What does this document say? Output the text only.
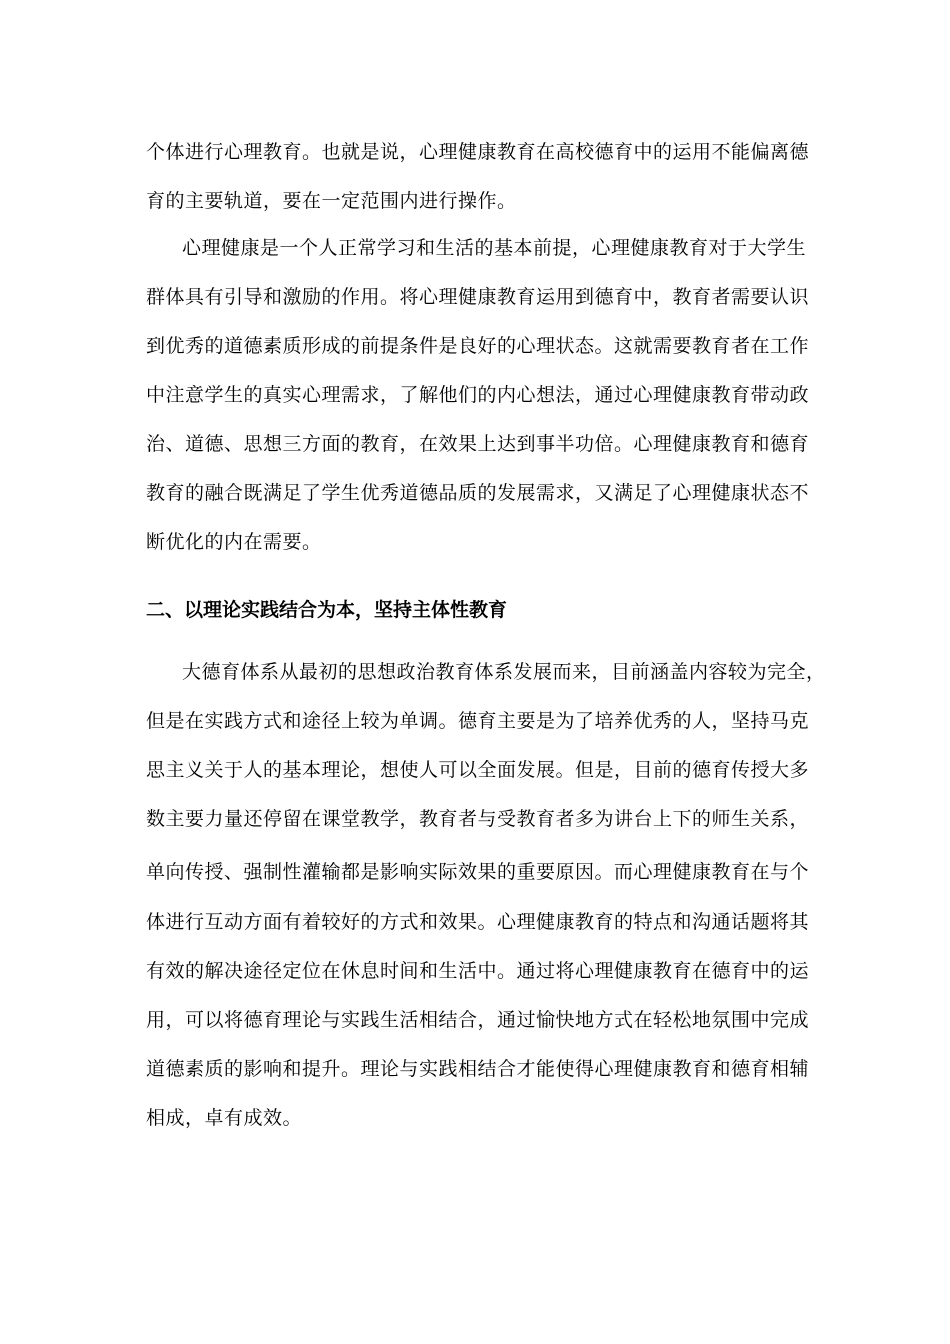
个体进行心理教育。也就是说，心理健康教育在高校德育中的运用不能偏离德
育的主要轨道，要在一定范围内进行操作。
心理健康是一个人正常学习和生活的基本前提，心理健康教育对于大学生
群体具有引导和激励的作用。将心理健康教育运用到德育中，教育者需要认识
到优秀的道德素质形成的前提条件是良好的心理状态。这就需要教育者在工作
中注意学生的真实心理需求，了解他们的内心想法，通过心理健康教育带动政
治、道德、思想三方面的教育，在效果上达到事半功倍。心理健康教育和德育
教育的融合既满足了学生优秀道德品质的发展需求，又满足了心理健康状态不
断优化的内在需要。
二、以理论实践结合为本，坚持主体性教育
大德育体系从最初的思想政治教育体系发展而来，目前涵盖内容较为完全，
但是在实践方式和途径上较为单调。德育主要是为了培养优秀的人，坚持马克
思主义关于人的基本理论，想使人可以全面发展。但是，目前的德育传授大多
数主要力量还停留在课堂教学，教育者与受教育者多为讲台上下的师生关系，
单向传授、强制性灌输都是影响实际效果的重要原因。而心理健康教育在与个
体进行互动方面有着较好的方式和效果。心理健康教育的特点和沟通话题将其
有效的解决途径定位在休息时间和生活中。通过将心理健康教育在德育中的运
用，可以将德育理论与实践生活相结合，通过愉快地方式在轻松地氛围中完成
道德素质的影响和提升。理论与实践相结合才能使得心理健康教育和德育相辅
相成，卓有成效。
